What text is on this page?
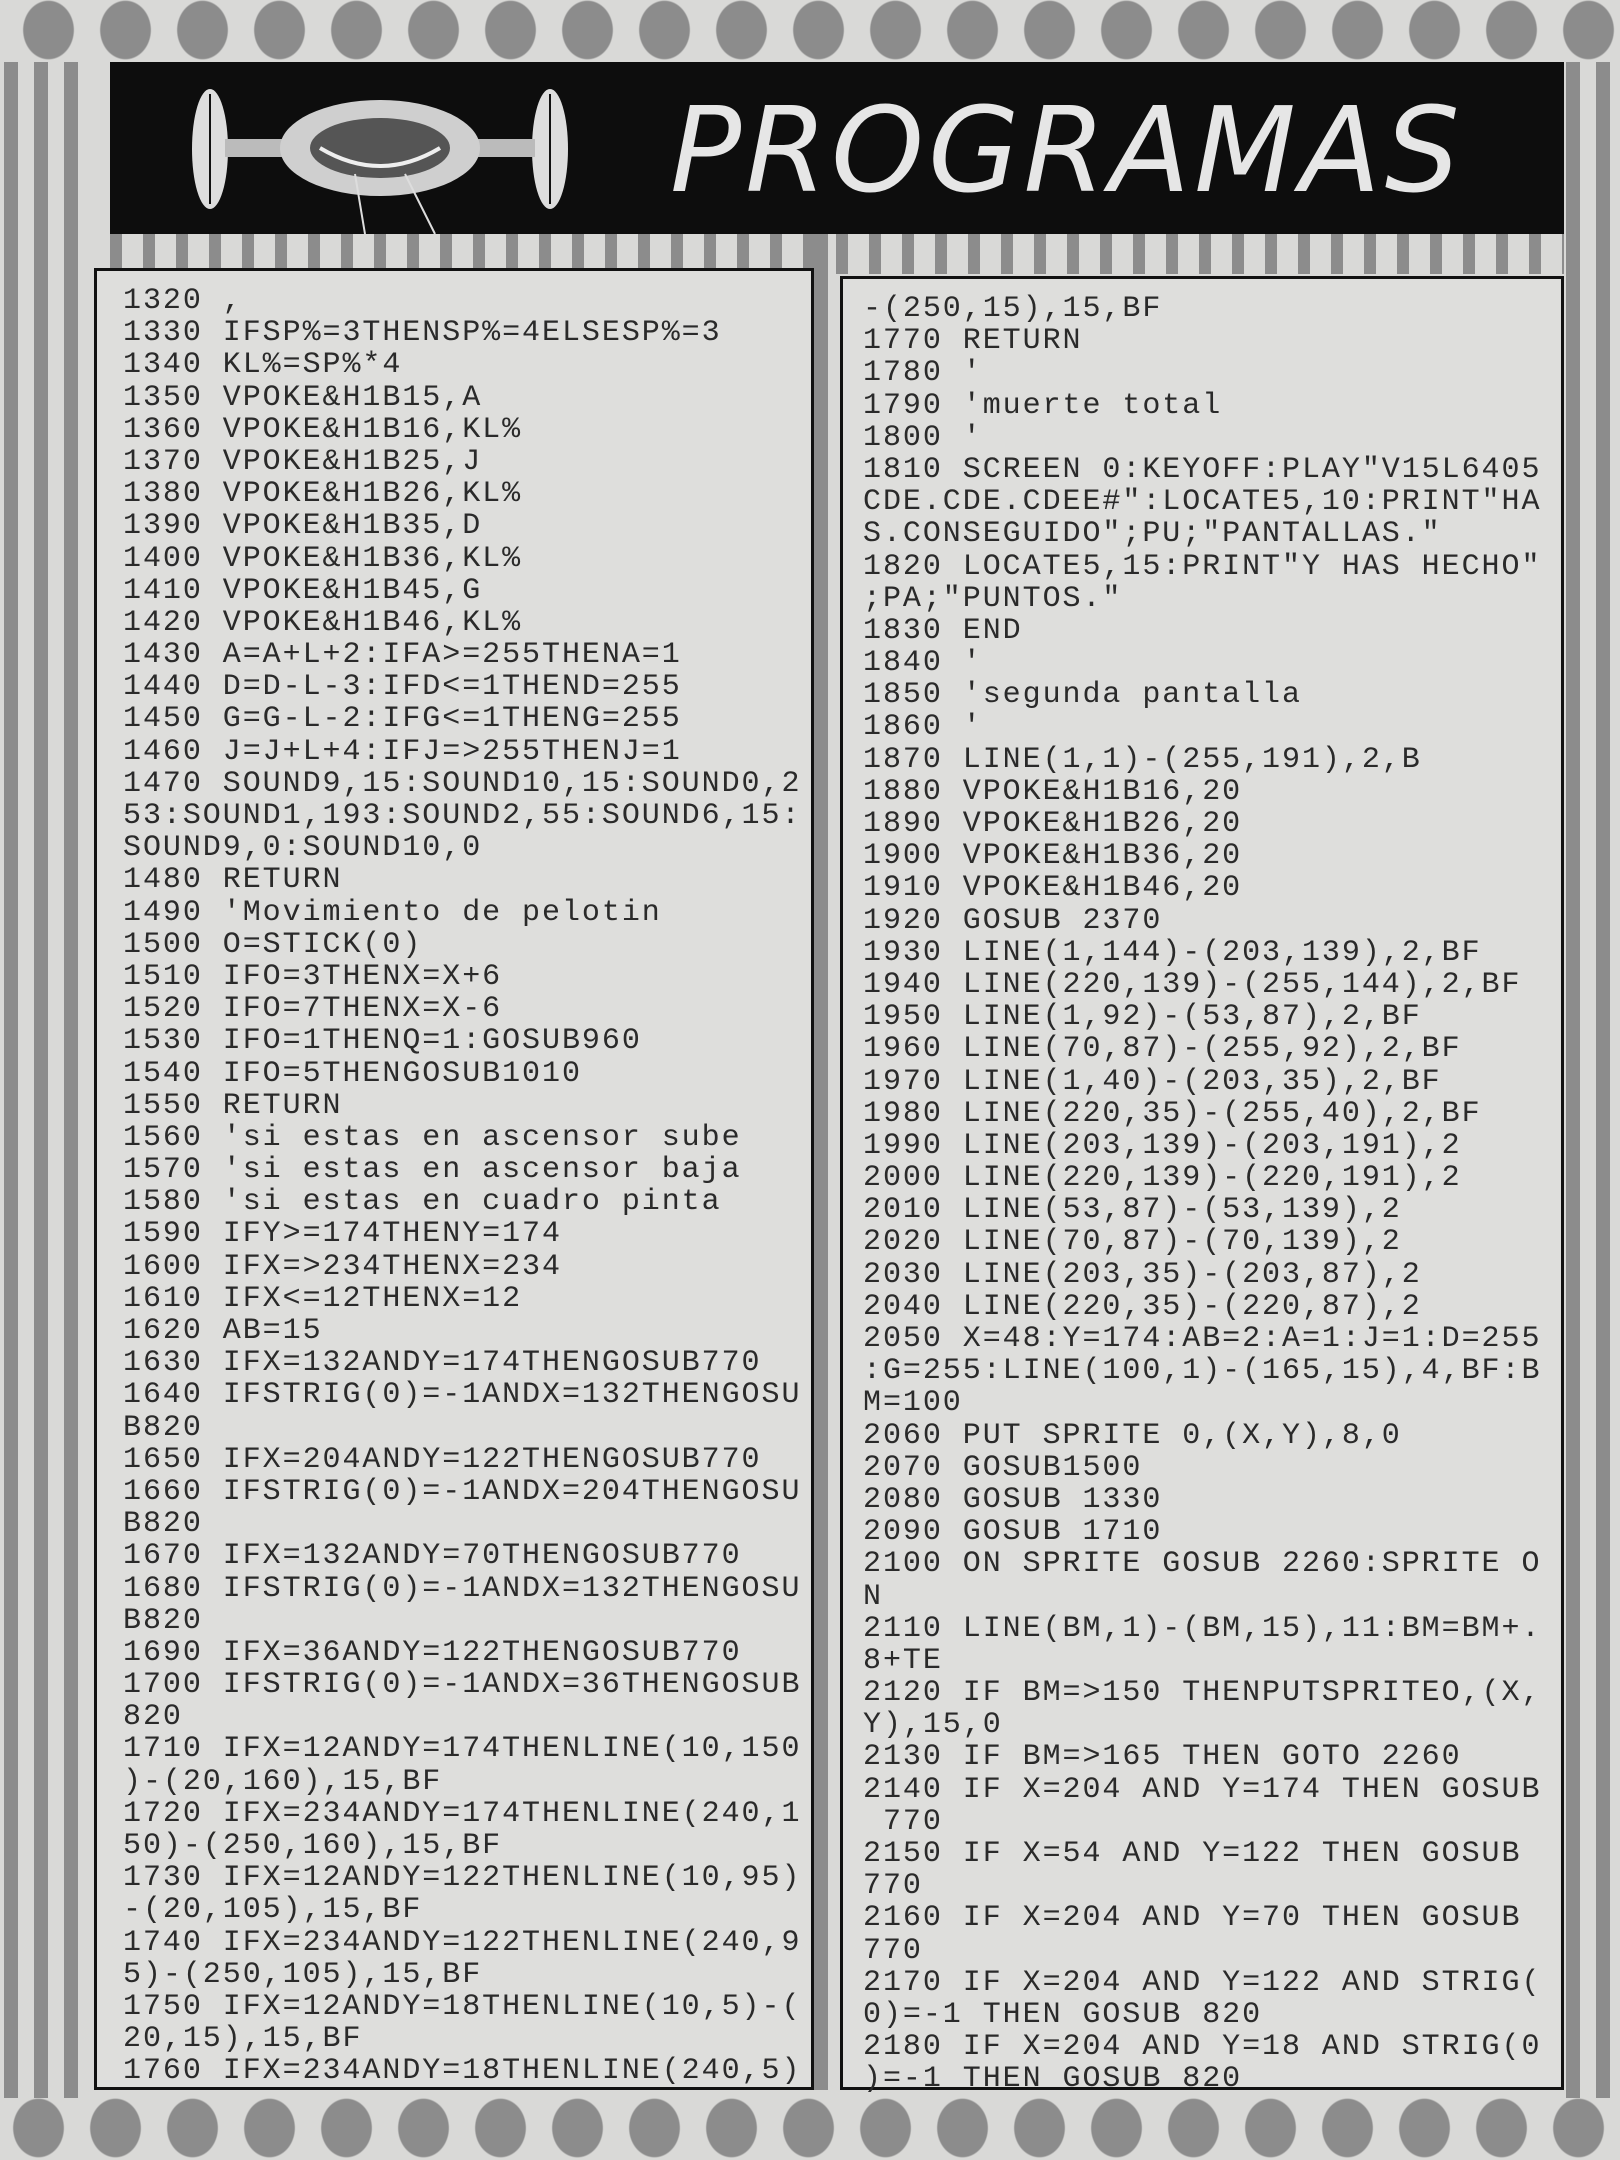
PROGRAMAS
1320 ,
1330 IFSP%=3THENSP%=4ELSESP%=3
1340 KL%=SP%*4
1350 VPOKE&H1B15,A
1360 VPOKE&H1B16,KL%
1370 VPOKE&H1B25,J
1380 VPOKE&H1B26,KL%
1390 VPOKE&H1B35,D
1400 VPOKE&H1B36,KL%
1410 VPOKE&H1B45,G
1420 VPOKE&H1B46,KL%
1430 A=A+L+2:IFA>=255THENA=1
1440 D=D-L-3:IFD<=1THEND=255
1450 G=G-L-2:IFG<=1THENG=255
1460 J=J+L+4:IFJ=>255THENJ=1
1470 SOUND9,15:SOUND10,15:SOUND0,2
53:SOUND1,193:SOUND2,55:SOUND6,15:
SOUND9,0:SOUND10,0
1480 RETURN
1490 'Movimiento de pelotin
1500 O=STICK(0)
1510 IFO=3THENX=X+6
1520 IFO=7THENX=X-6
1530 IFO=1THENQ=1:GOSUB960
1540 IFO=5THENGOSUB1010
1550 RETURN
1560 'si estas en ascensor sube
1570 'si estas en ascensor baja
1580 'si estas en cuadro pinta
1590 IFY>=174THENY=174
1600 IFX=>234THENX=234
1610 IFX<=12THENX=12
1620 AB=15
1630 IFX=132ANDY=174THENGOSUB770
1640 IFSTRIG(0)=-1ANDX=132THENGOSU
B820
1650 IFX=204ANDY=122THENGOSUB770
1660 IFSTRIG(0)=-1ANDX=204THENGOSU
B820
1670 IFX=132ANDY=70THENGOSUB770
1680 IFSTRIG(0)=-1ANDX=132THENGOSU
B820
1690 IFX=36ANDY=122THENGOSUB770
1700 IFSTRIG(0)=-1ANDX=36THENGOSUB
820
1710 IFX=12ANDY=174THENLINE(10,150
)-(20,160),15,BF
1720 IFX=234ANDY=174THENLINE(240,1
50)-(250,160),15,BF
1730 IFX=12ANDY=122THENLINE(10,95)
-(20,105),15,BF
1740 IFX=234ANDY=122THENLINE(240,9
5)-(250,105),15,BF
1750 IFX=12ANDY=18THENLINE(10,5)-(
20,15),15,BF
1760 IFX=234ANDY=18THENLINE(240,5)
-(250,15),15,BF
1770 RETURN
1780 '
1790 'muerte total
1800 '
1810 SCREEN 0:KEYOFF:PLAY"V15L6405
CDE.CDE.CDEE#":LOCATE5,10:PRINT"HA
S.CONSEGUIDO";PU;"PANTALLAS."
1820 LOCATE5,15:PRINT"Y HAS HECHO"
;PA;"PUNTOS."
1830 END
1840 '
1850 'segunda pantalla
1860 '
1870 LINE(1,1)-(255,191),2,B
1880 VPOKE&H1B16,20
1890 VPOKE&H1B26,20
1900 VPOKE&H1B36,20
1910 VPOKE&H1B46,20
1920 GOSUB 2370
1930 LINE(1,144)-(203,139),2,BF
1940 LINE(220,139)-(255,144),2,BF
1950 LINE(1,92)-(53,87),2,BF
1960 LINE(70,87)-(255,92),2,BF
1970 LINE(1,40)-(203,35),2,BF
1980 LINE(220,35)-(255,40),2,BF
1990 LINE(203,139)-(203,191),2
2000 LINE(220,139)-(220,191),2
2010 LINE(53,87)-(53,139),2
2020 LINE(70,87)-(70,139),2
2030 LINE(203,35)-(203,87),2
2040 LINE(220,35)-(220,87),2
2050 X=48:Y=174:AB=2:A=1:J=1:D=255
:G=255:LINE(100,1)-(165,15),4,BF:B
M=100
2060 PUT SPRITE 0,(X,Y),8,0
2070 GOSUB1500
2080 GOSUB 1330
2090 GOSUB 1710
2100 ON SPRITE GOSUB 2260:SPRITE O
N
2110 LINE(BM,1)-(BM,15),11:BM=BM+.
8+TE
2120 IF BM=>150 THENPUTSPRITEO,(X,
Y),15,0
2130 IF BM=>165 THEN GOTO 2260
2140 IF X=204 AND Y=174 THEN GOSUB
770
2150 IF X=54 AND Y=122 THEN GOSUB
770
2160 IF X=204 AND Y=70 THEN GOSUB
770
2170 IF X=204 AND Y=122 AND STRIG(
0)=-1 THEN GOSUB 820
2180 IF X=204 AND Y=18 AND STRIG(0
)=-1 THEN GOSUB 820
